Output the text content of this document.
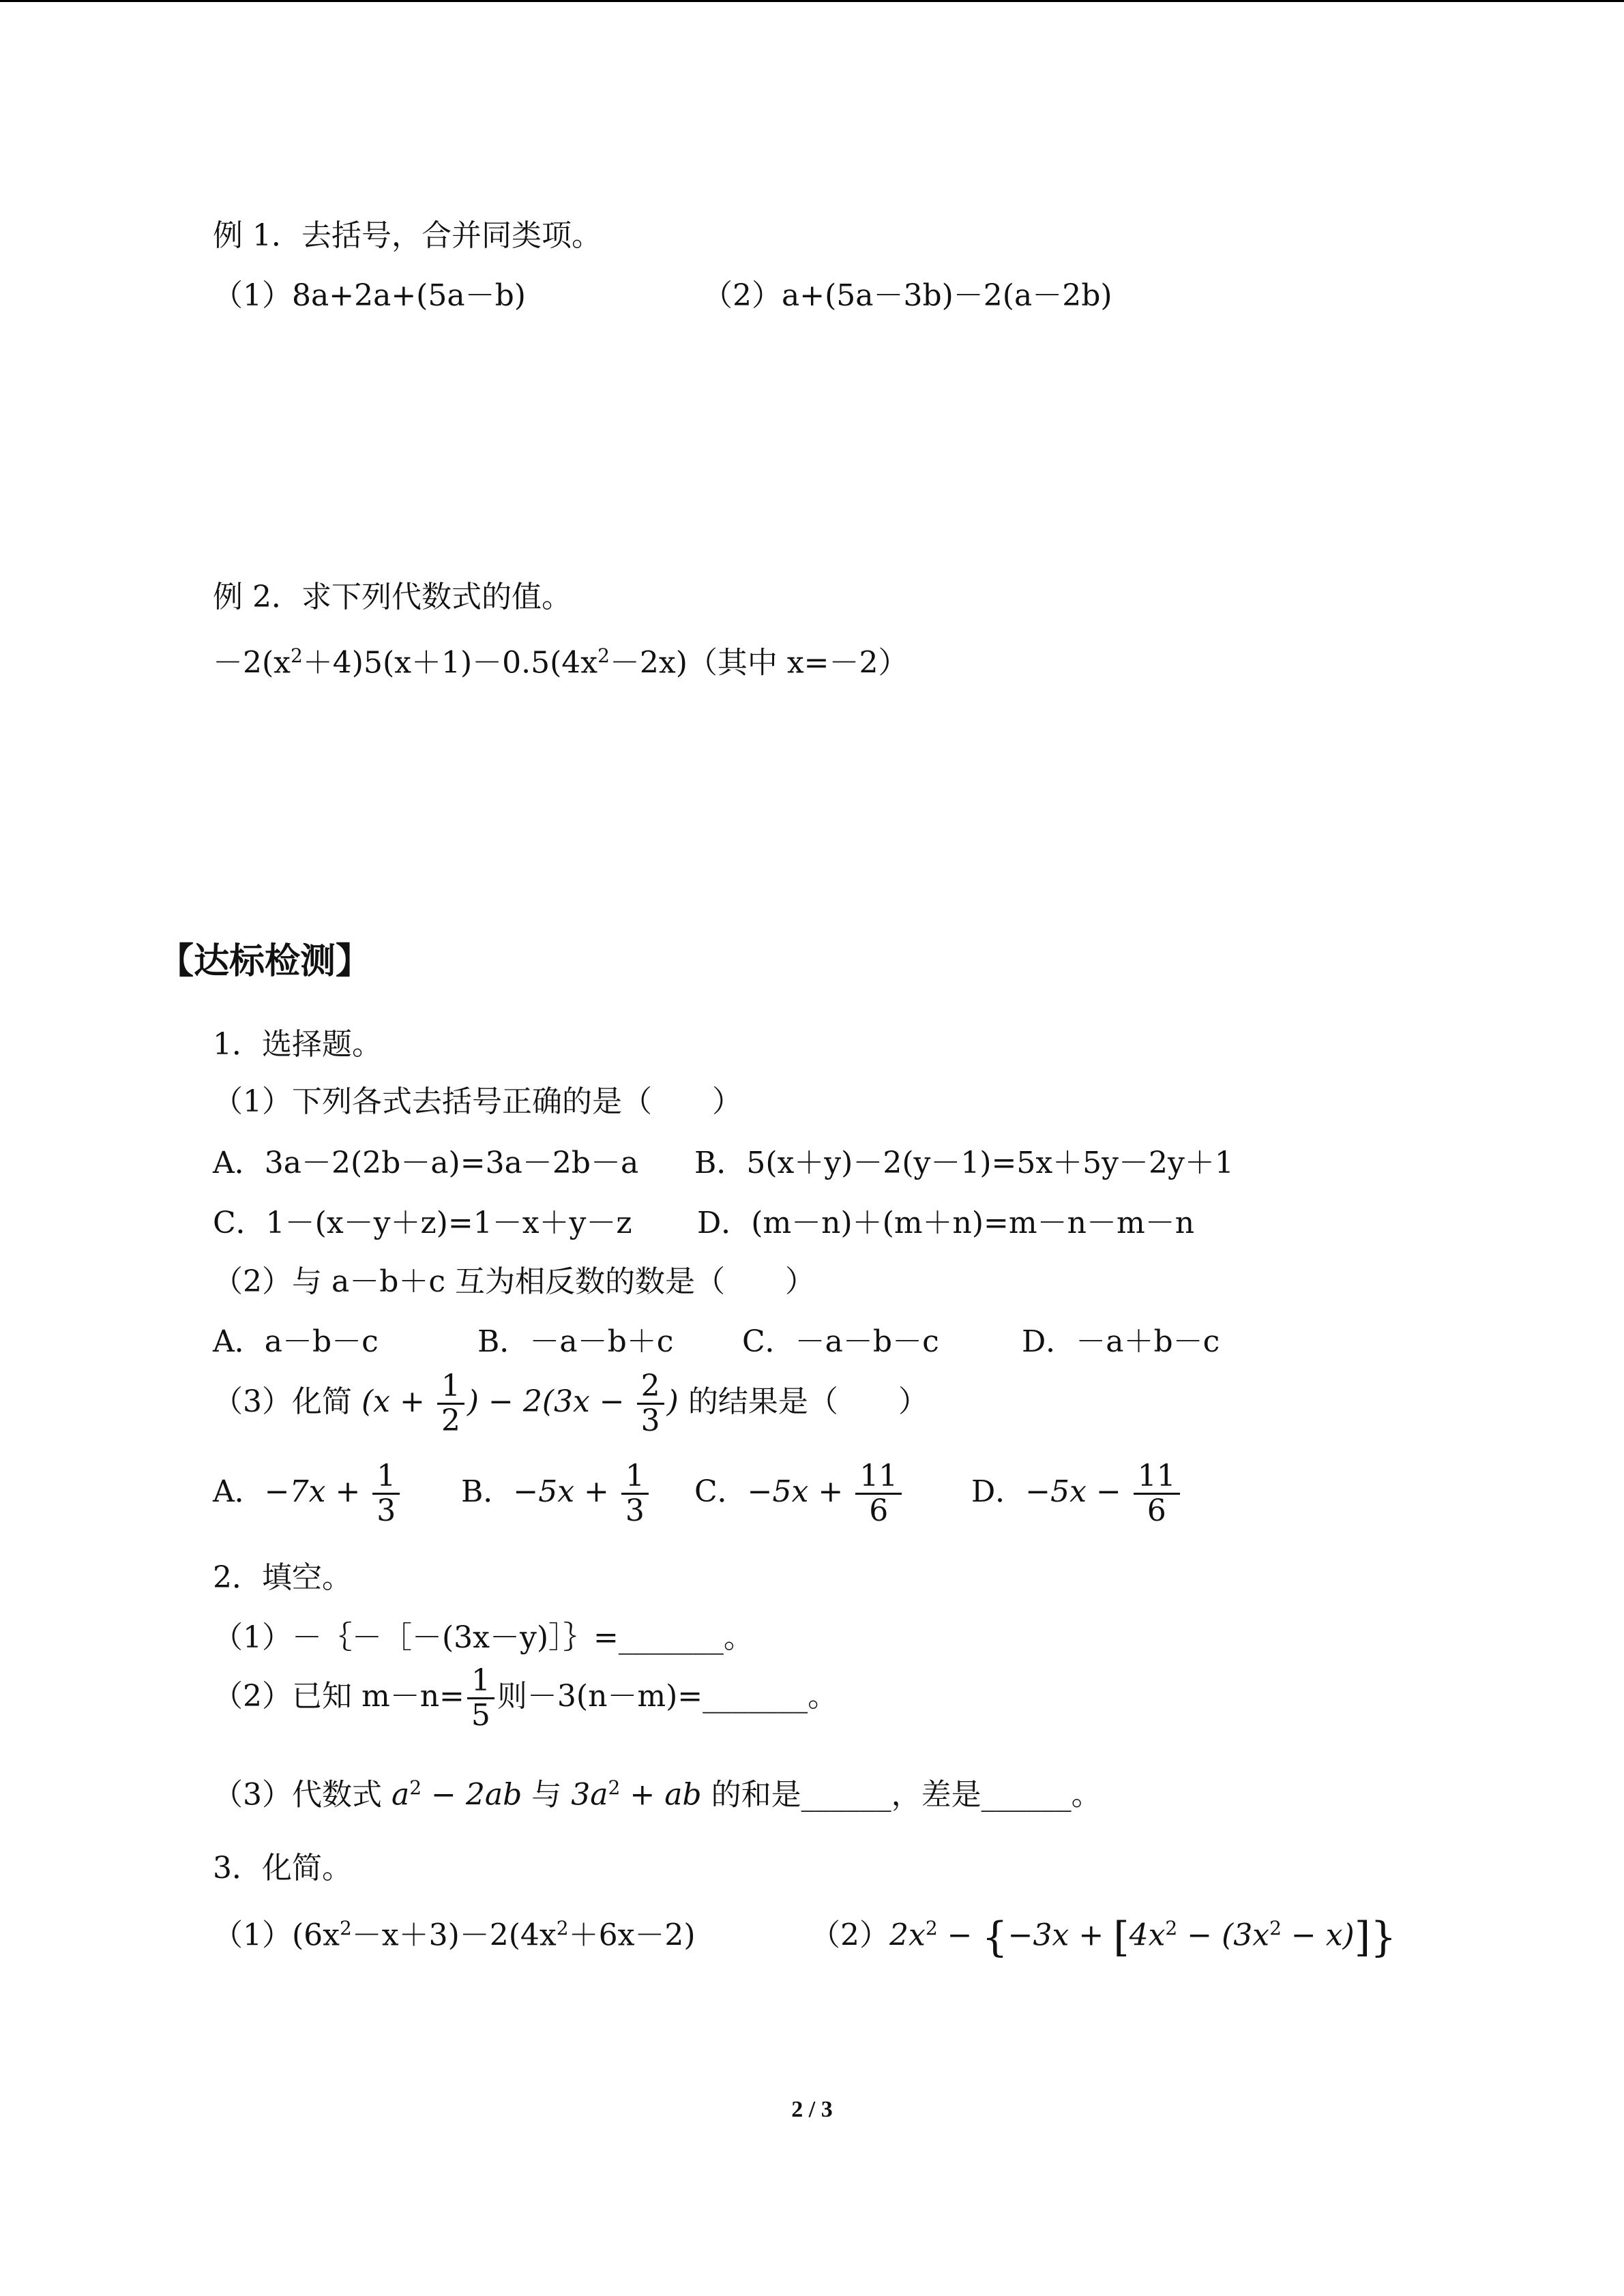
例 1．去括号，合并同类项。
（1）8a+2a+(5a－b)	（2）a+(5a－3b)－2(a－2b)
例 2．求下列代数式的值。
$-2(x^2+4)5(x+1)-0.5(4x^2-2x)$（其中 x=－2）
【达标检测】
1．选择题。
（1）下列各式去括号正确的是（　　）
A．3a－2(2b－a)=3a－2b－a B．5(x＋y)－2(y－1)=5x＋5y－2y＋1
C．1－(x－y＋z)=1－x＋y－z D．(m－n)＋(m＋n)=m－n－m－n
（2）与 a－b＋c 互为相反数的数是（　　）
A．a－b－c	B．－a－b＋c C．－a－b－c	D．－a＋b－c
（3）化简 ($x + \frac{1}{2}$ ) − $2(3x - \frac{2}{3}$ ) 的结果是（　　）
A．$-7x + \frac{1}{3}$ B．$-5x + \frac{1}{3}$ C．$-5x + \frac{11}{6}$ D．$-5x - \frac{11}{6}$
2．填空。
（1）－｛－［－(3x－y)］｝=_______。
（2）已知 $m-n= \frac{1}{5}$ 则－3(n－m)=_______。
（3）代数式 $a^2 - 2ab$ 与 $3a^2$ + ab 的和是______，差是______。
3．化简。
$(1)(6x^2-x+3)-2(4x^2+6x-2)$	$(2)2x^2 - \{-3x + [4x^2 - (3x^2 - x)]\}$
2 / 3
